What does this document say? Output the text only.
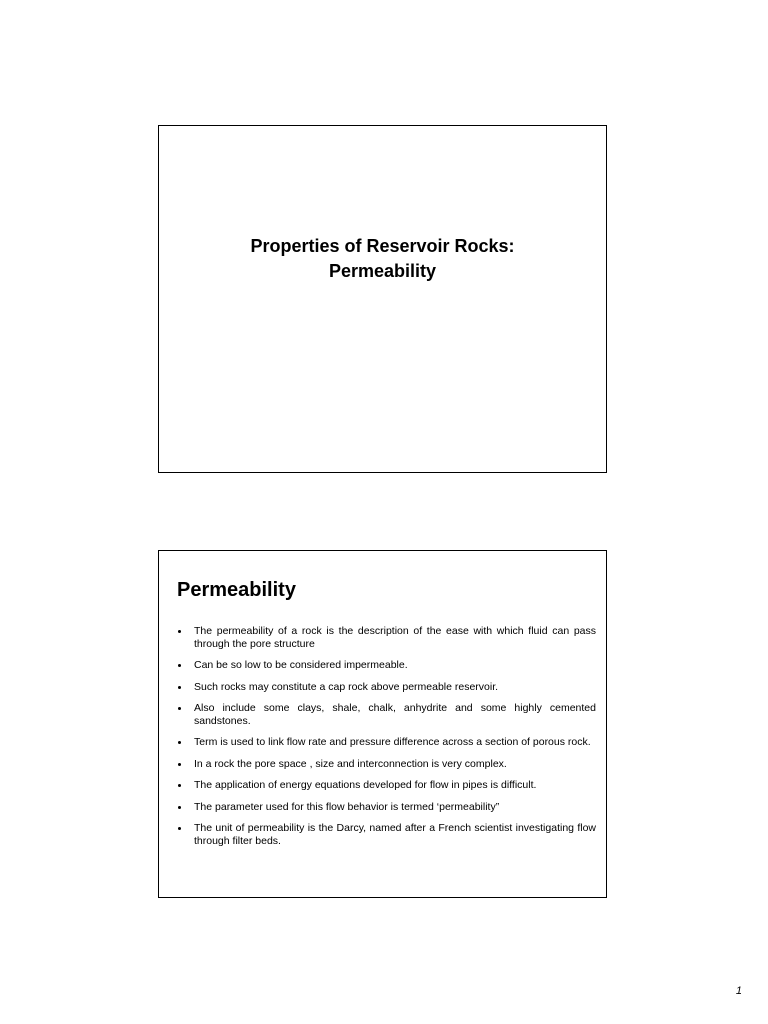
Properties of Reservoir Rocks:
Permeability
Permeability
The permeability of a rock is the description of the ease with which fluid can pass through the pore structure
Can be so low to be considered impermeable.
Such rocks may constitute a cap rock above permeable reservoir.
Also include some clays, shale, chalk, anhydrite and some highly cemented sandstones.
Term is used to link flow rate and pressure difference across a section of porous rock.
In a rock the pore space , size and interconnection is very complex.
The application of energy equations developed for flow in pipes is difficult.
The parameter used for this flow behavior is termed ‘permeability”
The unit of permeability is the Darcy, named after a French scientist investigating flow through filter beds.
1
